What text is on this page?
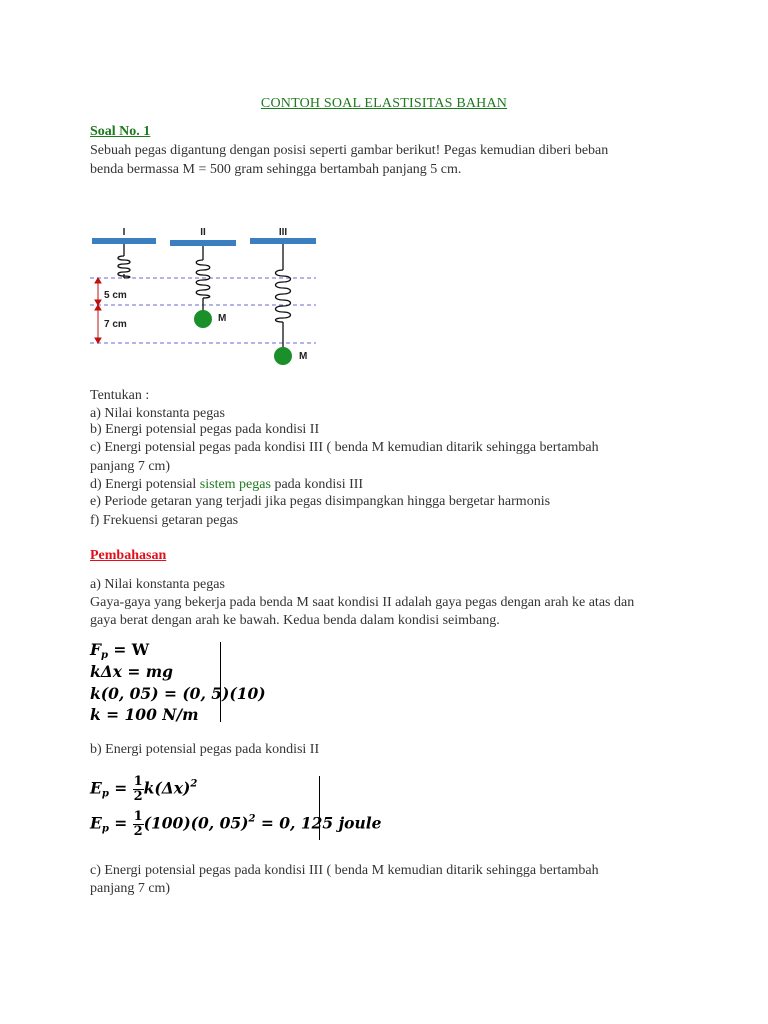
CONTOH SOAL ELASTISITAS BAHAN
Soal No. 1
Sebuah pegas digantung dengan posisi seperti gambar berikut! Pegas kemudian diberi beban
benda bermassa M = 500 gram sehingga bertambah panjang 5 cm.
I	II	III
5 cm
7 cm
M
M
Tentukan :
a) Nilai konstanta pegas
b) Energi potensial pegas pada kondisi II
c) Energi potensial pegas pada kondisi III ( benda M kemudian ditarik sehingga bertambah
panjang 7 cm)
d) Energi potensial sistem pegas pada kondisi III
e) Periode getaran yang terjadi jika pegas disimpangkan hingga bergetar harmonis
f) Frekuensi getaran pegas
Pembahasan
a) Nilai konstanta pegas
Gaya-gaya yang bekerja pada benda M saat kondisi II adalah gaya pegas dengan arah ke atas dan
gaya berat dengan arah ke bawah. Kedua benda dalam kondisi seimbang.
$F_p = W$
kΔx = mg
k(0, 05) = (0, 5)(10)
k = 100 N/m
b) Energi potensial pegas pada kondisi II
$E_p = \frac{1}{2} k(\Delta x)^2$
$E_p = \frac{1}{2} (100)(0$, 05)$^2$ = 0, 125 joule
c) Energi potensial pegas pada kondisi III ( benda M kemudian ditarik sehingga bertambah
panjang 7 cm)
